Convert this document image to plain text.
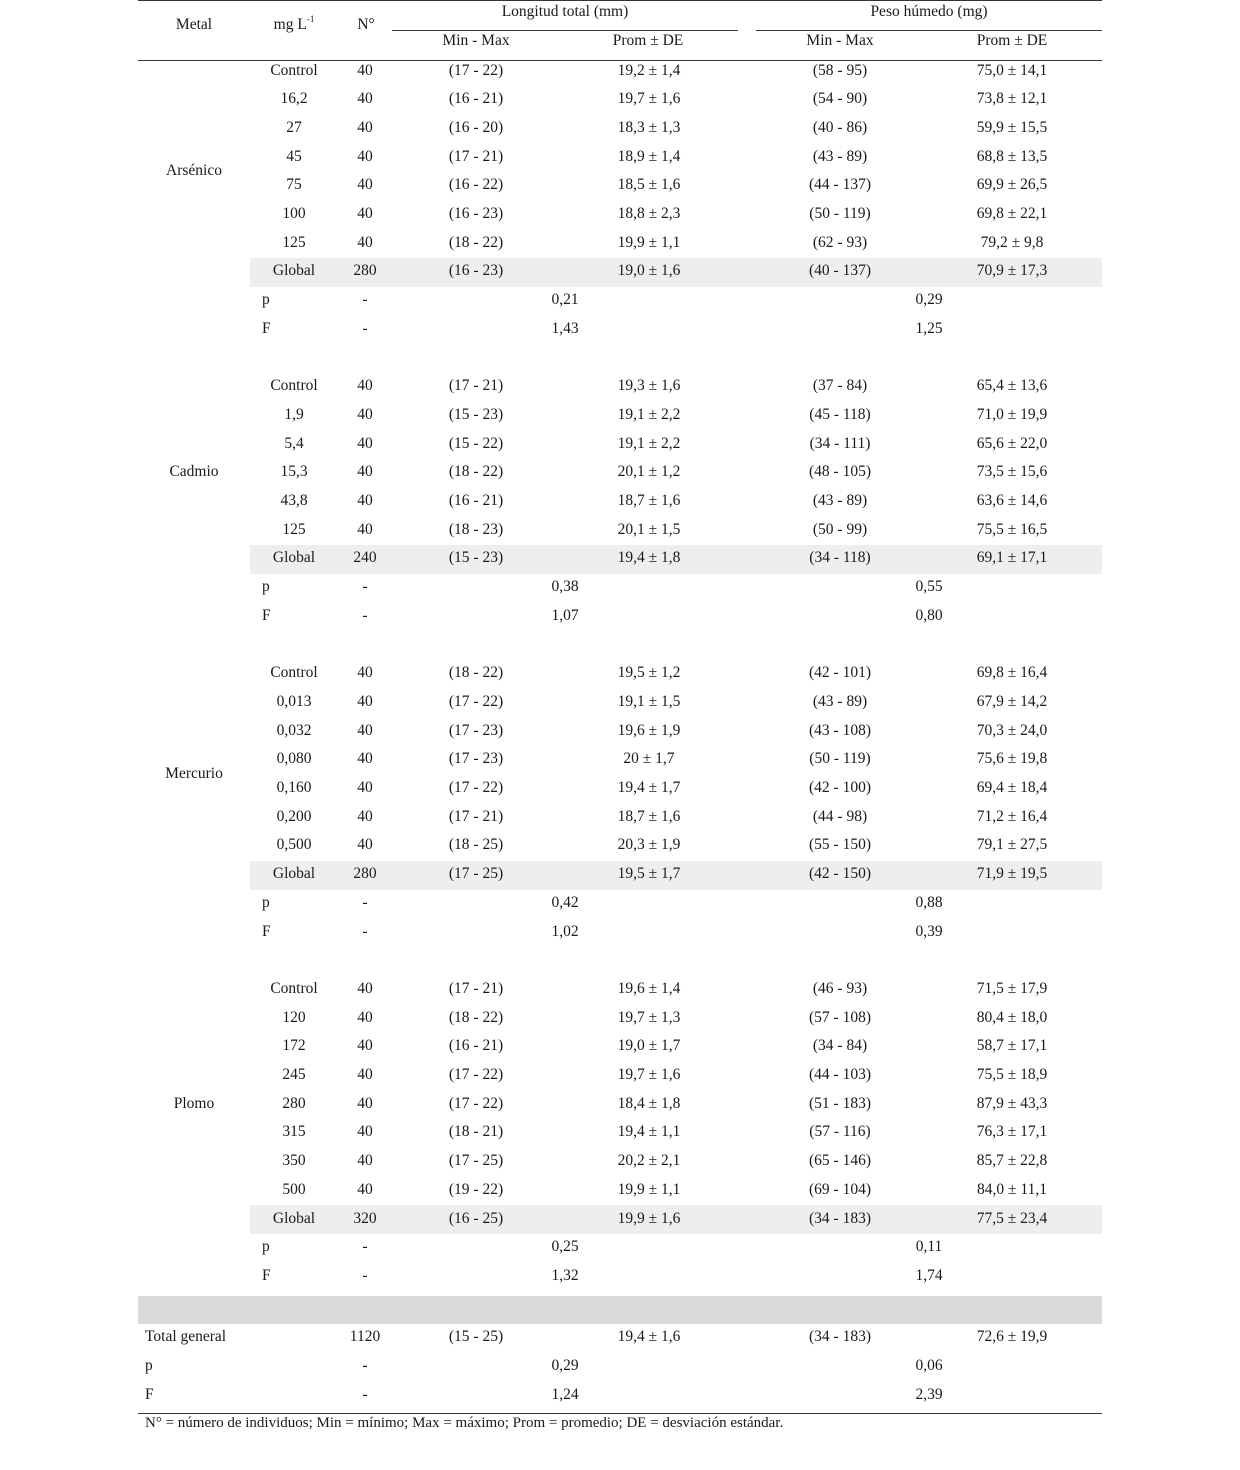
Metal	mg $L^{-1}$	N°
Longitud total (mm)	Peso húmedo (mg)
Min - Max	Prom ± DE	Min - Max	Prom ± DE
Control	40	(17 - 22)	19,2 ± 1,4	(58 - 95)	75,0 ± 14,1
16,2	40	(16 - 21)	19,7 ± 1,6	(54 - 90)	73,8 ± 12,1
27	40	(16 - 20)	18,3 ± 1,3	(40 - 86)	59,9 ± 15,5
45	40	(17 - 21)	18,9 ± 1,4	(43 - 89)	68,8 ± 13,5
75	40	(16 - 22)	18,5 ± 1,6	(44 - 137)	69,9 ± 26,5
100	40	(16 - 23)	18,8 ± 2,3	(50 - 119)	69,8 ± 22,1
125	40	(18 - 22)	19,9 ± 1,1	(62 - 93)	79,2 ± 9,8
Global	280	(16 - 23)	19,0 ± 1,6	(40 - 137)	70,9 ± 17,3
Arsénico
p	-	0,21	0,29
F	-	1,43	1,25
Control	40	(17 - 21)	19,3 ± 1,6	(37 - 84)	65,4 ± 13,6
1,9	40	(15 - 23)	19,1 ± 2,2	(45 - 118)	71,0 ± 19,9
5,4	40	(15 - 22)	19,1 ± 2,2	(34 - 111)	65,6 ± 22,0
15,3	40	(18 - 22)	20,1 ± 1,2	(48 - 105)	73,5 ± 15,6
43,8	40	(16 - 21)	18,7 ± 1,6	(43 - 89)	63,6 ± 14,6
125	40	(18 - 23)	20,1 ± 1,5	(50 - 99)	75,5 ± 16,5
Global	240	(15 - 23)	19,4 ± 1,8	(34 - 118)	69,1 ± 17,1
Cadmio
p	-	0,38	0,55
F	-	1,07	0,80
Control	40	(18 - 22)	19,5 ± 1,2	(42 - 101)	69,8 ± 16,4
0,013	40	(17 - 22)	19,1 ± 1,5	(43 - 89)	67,9 ± 14,2
0,032	40	(17 - 23)	19,6 ± 1,9	(43 - 108)	70,3 ± 24,0
0,080	40	(17 - 23)	20 ± 1,7	(50 - 119)	75,6 ± 19,8
0,160	40	(17 - 22)	19,4 ± 1,7	(42 - 100)	69,4 ± 18,4
0,200	40	(17 - 21)	18,7 ± 1,6	(44 - 98)	71,2 ± 16,4
0,500	40	(18 - 25)	20,3 ± 1,9	(55 - 150)	79,1 ± 27,5
Global	280	(17 - 25)	19,5 ± 1,7	(42 - 150)	71,9 ± 19,5
Mercurio
p	-	0,42	0,88
F	-	1,02	0,39
Control	40	(17 - 21)	19,6 ± 1,4	(46 - 93)	71,5 ± 17,9
120	40	(18 - 22)	19,7 ± 1,3	(57 - 108)	80,4 ± 18,0
172	40	(16 - 21)	19,0 ± 1,7	(34 - 84)	58,7 ± 17,1
245	40	(17 - 22)	19,7 ± 1,6	(44 - 103)	75,5 ± 18,9
280	40	(17 - 22)	18,4 ± 1,8	(51 - 183)	87,9 ± 43,3
315	40	(18 - 21)	19,4 ± 1,1	(57 - 116)	76,3 ± 17,1
350	40	(17 - 25)	20,2 ± 2,1	(65 - 146)	85,7 ± 22,8
500	40	(19 - 22)	19,9 ± 1,1	(69 - 104)	84,0 ± 11,1
Global	320	(16 - 25)	19,9 ± 1,6	(34 - 183)	77,5 ± 23,4
Plomo
p	-	0,25	0,11
F	-	1,32	1,74
Total general	1120	(15 - 25)	19,4 ± 1,6	(34 - 183)	72,6 ± 19,9
p	-	0,29	0,06
F	-	1,24	2,39
N° = número de individuos; Min = mínimo; Max = máximo; Prom = promedio; DE = desviación estándar.
